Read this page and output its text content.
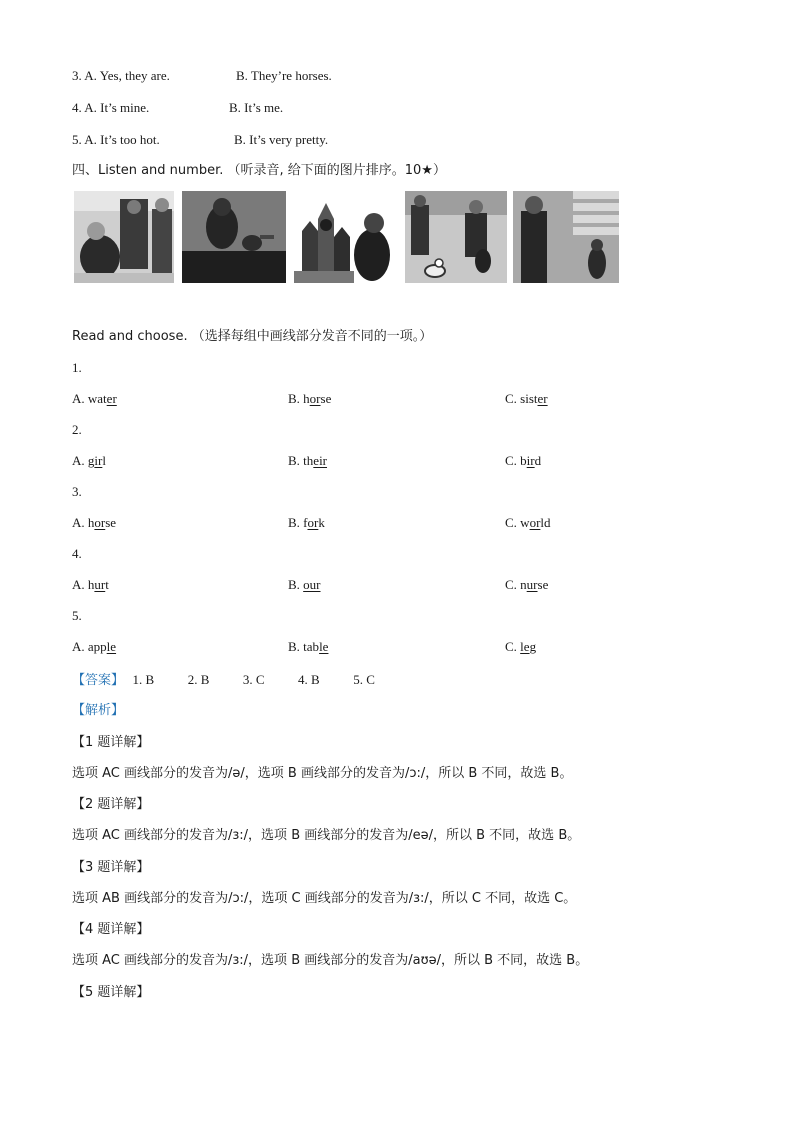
3. A. Yes, they are.	B. They’re horses.
4. A. It’s mine.	B. It’s me.
5. A. It’s too hot.	B. It’s very pretty.
四、Listen and number. （听录音, 给下面的图片排序。10★）
Read and choose. （选择每组中画线部分发音不同的一项。）
1.
A. water	B. horse	C. sister
2.
A. girl	B. their	C. bird
3.
A. horse	B. fork	C. world
4.
A. hurt	B. our	C. nurse
5.
A. apple	B. table	C. leg
【答案】 1. B	2. B	3. C	4. B	5. C
【解析】
【1 题详解】
选项 AC 画线部分的发音为/ə/，选项 B 画线部分的发音为/ɔ:/，所以 B 不同，故选 B。
【2 题详解】
选项 AC 画线部分的发音为/ɜ:/，选项 B 画线部分的发音为/eə/，所以 B 不同，故选 B。
【3 题详解】
选项 AB 画线部分的发音为/ɔ:/，选项 C 画线部分的发音为/ɜ:/，所以 C 不同，故选 C。
【4 题详解】
选项 AC 画线部分的发音为/ɜ:/，选项 B 画线部分的发音为/aʊə/，所以 B 不同，故选 B。
【5 题详解】
